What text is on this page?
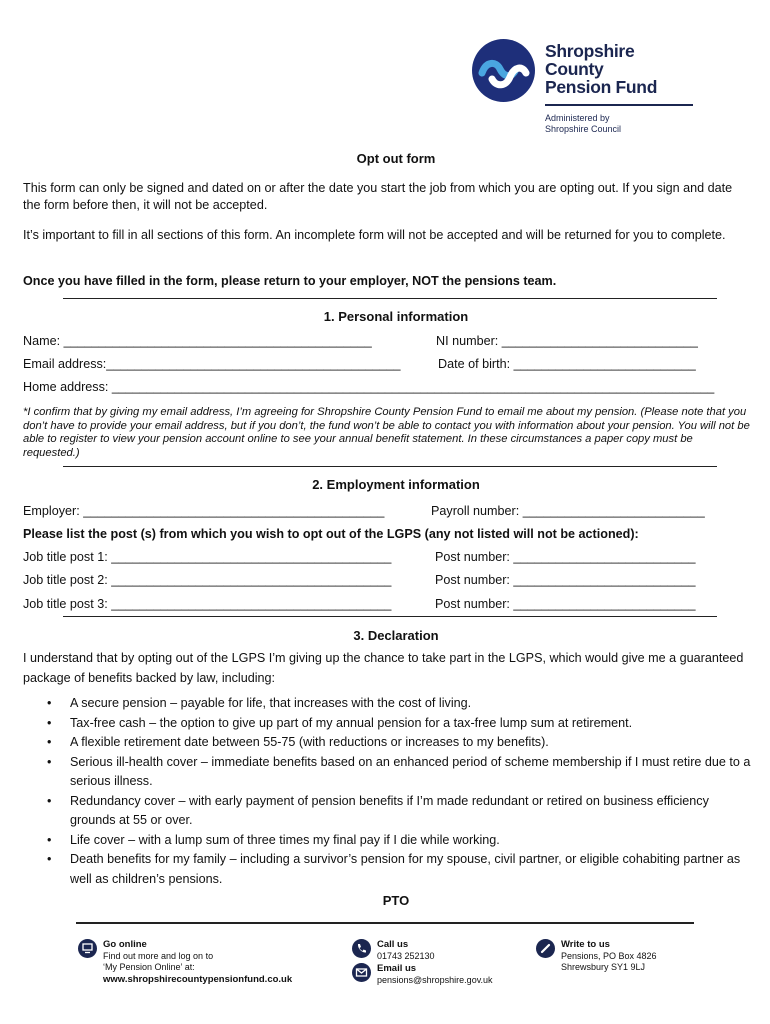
Shropshire
County
Pension Fund
Administered by
Shropshire Council
Opt out form
This form can only be signed and dated on or after the date you start the job from which you are opting out. If you sign and date the form before then, it will not be accepted.
It’s important to fill in all sections of this form. An incomplete form will not be accepted and will be returned for you to complete.
Once you have filled in the form, please return to your employer, NOT the pensions team.
1. Personal information
Name: ____________________________________________	NI number: ____________________________
Email address:__________________________________________	Date of birth: __________________________
Home address: ______________________________________________________________________________________
*I confirm that by giving my email address, I’m agreeing for Shropshire County Pension Fund to email me about my pension. (Please note that you don’t have to provide your email address, but if you don’t, the fund won’t be able to contact you with information about your pension. You will not be able to register to view your pension account online to see your annual benefit statement. In these circumstances a paper copy must be requested.)
2. Employment information
Employer: ___________________________________________	Payroll number: __________________________
Please list the post (s) from which you wish to opt out of the LGPS (any not listed will not be actioned):
Job title post 1: ________________________________________	Post number: __________________________
Job title post 2: ________________________________________	Post number: __________________________
Job title post 3: ________________________________________	Post number: __________________________
3. Declaration
I understand that by opting out of the LGPS I’m giving up the chance to take part in the LGPS, which would give me a guaranteed package of benefits backed by law, including:
• A secure pension – payable for life, that increases with the cost of living.
• Tax-free cash – the option to give up part of my annual pension for a tax-free lump sum at retirement.
• A flexible retirement date between 55-75 (with reductions or increases to my benefits).
• Serious ill-health cover – immediate benefits based on an enhanced period of scheme membership if I must retire due to a serious illness.
• Redundancy cover – with early payment of pension benefits if I’m made redundant or retired on business efficiency grounds at 55 or over.
• Life cover – with a lump sum of three times my final pay if I die while working.
• Death benefits for my family – including a survivor’s pension for my spouse, civil partner, or eligible cohabiting partner as well as children’s pensions.
PTO
Go online
Find out more and log on to
‘My Pension Online’ at:
www.shropshirecountypensionfund.co.uk
Call us
01743 252130
Email us
pensions@shropshire.gov.uk
Write to us
Pensions, PO Box 4826
Shrewsbury SY1 9LJ
